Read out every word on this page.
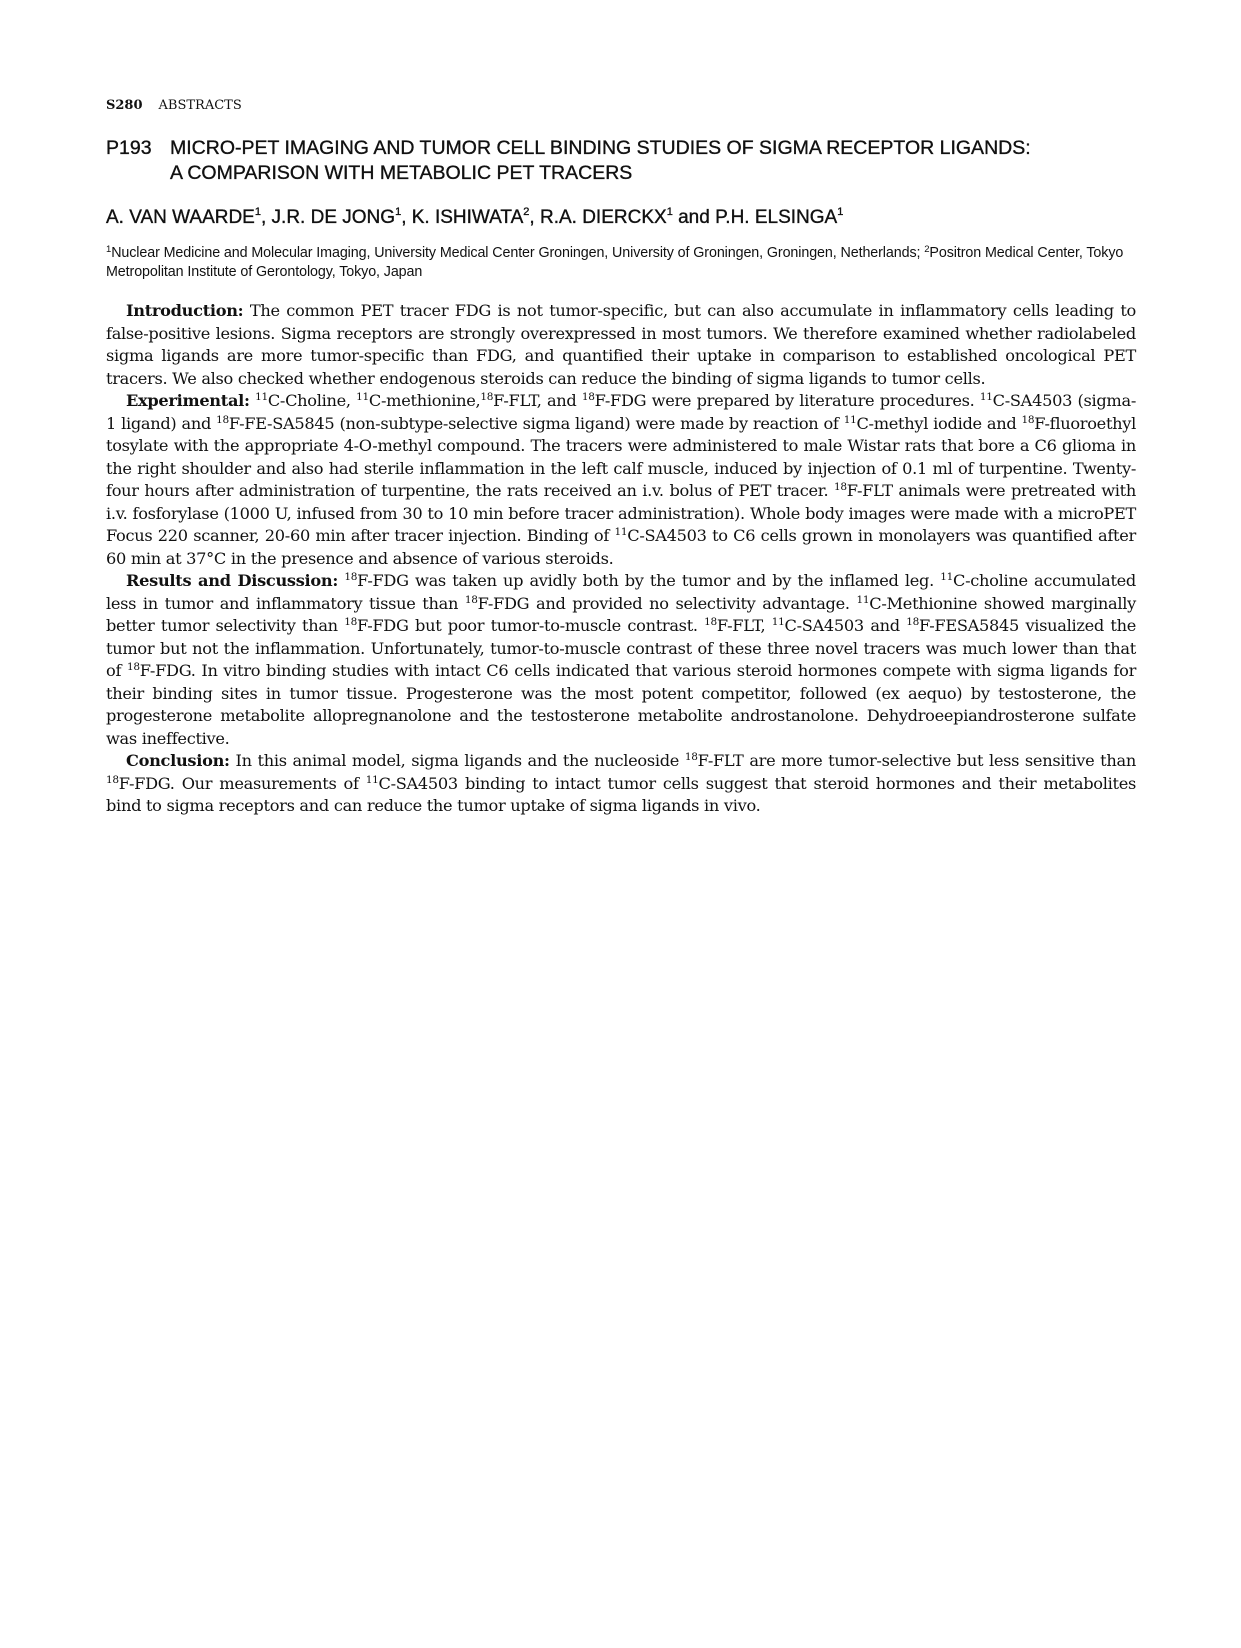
S280 ABSTRACTS
P193 MICRO-PET IMAGING AND TUMOR CELL BINDING STUDIES OF SIGMA RECEPTOR LIGANDS:
A COMPARISON WITH METABOLIC PET TRACERS
A. VAN WAARDE$^1$, J.R. DE JONG$^1$, K. ISHIWATA$^2$, R.A. DIERCKX$^1$ and P.H. ELSINGA$^1$
$^1$Nuclear Medicine and Molecular Imaging, University Medical Center Groningen, University of Groningen, Groningen, Netherlands; $^2$Positron Medical Center, Tokyo Metropolitan Institute of Gerontology, Tokyo, Japan

Introduction: The common PET tracer FDG is not tumor-specific, but can also accumulate in inflammatory cells leading to false-positive lesions. Sigma receptors are strongly overexpressed in most tumors. We therefore examined whether radiolabeled sigma ligands are more tumor-specific than FDG, and quantified their uptake in comparison to established oncological PET tracers. We also checked whether endogenous steroids can reduce the binding of sigma ligands to tumor cells.

Experimental: $^{11}$C-Choline, $^{11}$C-methionine,$^{18}$F-FLT, and $^{18}$F-FDG were prepared by literature procedures. $^{11}$C-SA4503 (sigma-1 ligand) and $^{18}$F-FE-SA5845 (non-subtype-selective sigma ligand) were made by reaction of $^{11}$C-methyl iodide and $^{18}$F-fluoroethyl tosylate with the appropriate 4-O-methyl compound. The tracers were administered to male Wistar rats that bore a C6 glioma in the right shoulder and also had sterile inflammation in the left calf muscle, induced by injection of 0.1 ml of turpentine. Twenty-four hours after administration of turpentine, the rats received an i.v. bolus of PET tracer. $^{18}$F-FLT animals were pretreated with i.v. fosforylase (1000 U, infused from 30 to 10 min before tracer administration). Whole body images were made with a microPET Focus 220 scanner, 20-60 min after tracer injection. Binding of $^{11}$C-SA4503 to C6 cells grown in monolayers was quantified after 60 min at 37°C in the presence and absence of various steroids.

Results and Discussion: $^{18}$F-FDG was taken up avidly both by the tumor and by the inflamed leg. $^{11}$C-choline accumulated less in tumor and inflammatory tissue than $^{18}$F-FDG and provided no selectivity advantage. $^{11}$C-Methionine showed marginally better tumor selectivity than $^{18}$F-FDG but poor tumor-to-muscle contrast. $^{18}$F-FLT, $^{11}$C-SA4503 and $^{18}$F-FESA5845 visualized the tumor but not the inflammation. Unfortunately, tumor-to-muscle contrast of these three novel tracers was much lower than that of $^{18}$F-FDG. In vitro binding studies with intact C6 cells indicated that various steroid hormones compete with sigma ligands for their binding sites in tumor tissue. Progesterone was the most potent competitor, followed (ex aequo) by testosterone, the progesterone metabolite allopregnanolone and the testosterone metabolite androstanolone. Dehydroeepiandrosterone sulfate was ineffective.

Conclusion: In this animal model, sigma ligands and the nucleoside $^{18}$F-FLT are more tumor-selective but less sensitive than $^{18}$F-FDG. Our measurements of $^{11}$C-SA4503 binding to intact tumor cells suggest that steroid hormones and their metabolites bind to sigma receptors and can reduce the tumor uptake of sigma ligands in vivo.
